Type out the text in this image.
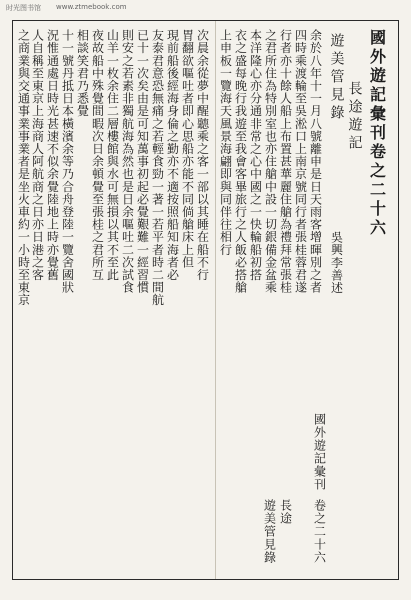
时光图书馆 www.ztmebook.com
國外遊記彙刊卷之二十六
長途遊記
遊美管見錄
吳興李善述
余於八年十一月八號離申是日天雨客增暉別之者
四時乘渡輪至吳淞口上南京號同行者張桂蓉君遂
行者亦十餘人船上布置甚華麗住艙為禮拜常張桂
之君所住為特別室也亦住艙中設一切銀備金盆乘
本洋隆心亦分通非常之心中國之一快輪船初搭
衣之盛每晚行我遊至我會客畢旅行之人飯必搭艙
上申板一覽海天風景海翩即與同伴往相行
次晨余從夢中醒聽乘之客一部以其睡在船不行
胃翻欲嘔吐者即心思船亦能不同倘艙床上但
現前船後經海身倫之勤亦不適按照船知海者必
友泰君意恐無痛之若輕食勁一著一若平者時二間航
已十一次矣由是可知萬事初起必覺艱難一經習慣
則安之若素非獨航海為然也是日余嘔吐二次試食
山羊一枚余住二層樓館與水可無損以其不至此
夜故船中殊覺間暇次日余頓覺至張桂之君所互
相談笑君乃悉覺
十一號丹抵日本橫濱余等乃合舟登陸一覽舍國狀
況惟通處日時光甚速不似余覺陸地上時亦覺舊
人自稱至東京上海商人阿航商之日亦日港之客
之商業與交通事業事業者是坐火車約一小時至東京
國外遊記彙刊
卷之二十六
長途
遊美管見錄
